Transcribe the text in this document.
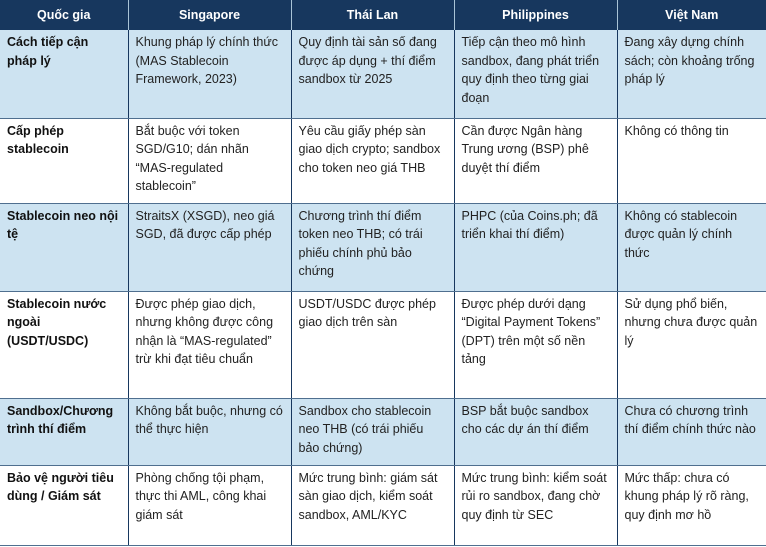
Quốc gia	Singapore	Thái Lan	Philippines	Việt Nam
Cách tiếp cận pháp lý	Khung pháp lý chính thức (MAS Stablecoin Framework, 2023)	Quy định tài sản số đang được áp dụng + thí điểm sandbox từ 2025	Tiếp cận theo mô hình sandbox, đang phát triển quy định theo từng giai đoạn	Đang xây dựng chính sách; còn khoảng trống pháp lý
Cấp phép stablecoin	Bắt buộc với token SGD/G10; dán nhãn “MAS-regulated stablecoin”	Yêu cầu giấy phép sàn giao dịch crypto; sandbox cho token neo giá THB	Cần được Ngân hàng Trung ương (BSP) phê duyệt thí điểm	Không có thông tin
Stablecoin neo nội tệ	StraitsX (XSGD), neo giá SGD, đã được cấp phép	Chương trình thí điểm token neo THB; có trái phiếu chính phủ bảo chứng	PHPC (của Coins.ph; đã triển khai thí điểm)	Không có stablecoin được quản lý chính thức
Stablecoin nước ngoài (USDT/USDC)	Được phép giao dịch, nhưng không được công nhận là “MAS-regulated” trừ khi đạt tiêu chuẩn	USDT/USDC được phép giao dịch trên sàn	Được phép dưới dạng “Digital Payment Tokens” (DPT) trên một số nền tảng	Sử dụng phổ biến, nhưng chưa được quản lý
Sandbox/Chương trình thí điểm	Không bắt buộc, nhưng có thể thực hiện	Sandbox cho stablecoin neo THB (có trái phiếu bảo chứng)	BSP bắt buộc sandbox cho các dự án thí điểm	Chưa có chương trình thí điểm chính thức nào
Bảo vệ người tiêu dùng / Giám sát	Phòng chống tội phạm, thực thi AML, công khai giám sát	Mức trung bình: giám sát sàn giao dịch, kiểm soát sandbox, AML/KYC	Mức trung bình: kiểm soát rủi ro sandbox, đang chờ quy định từ SEC	Mức thấp: chưa có khung pháp lý rõ ràng, quy định mơ hồ
